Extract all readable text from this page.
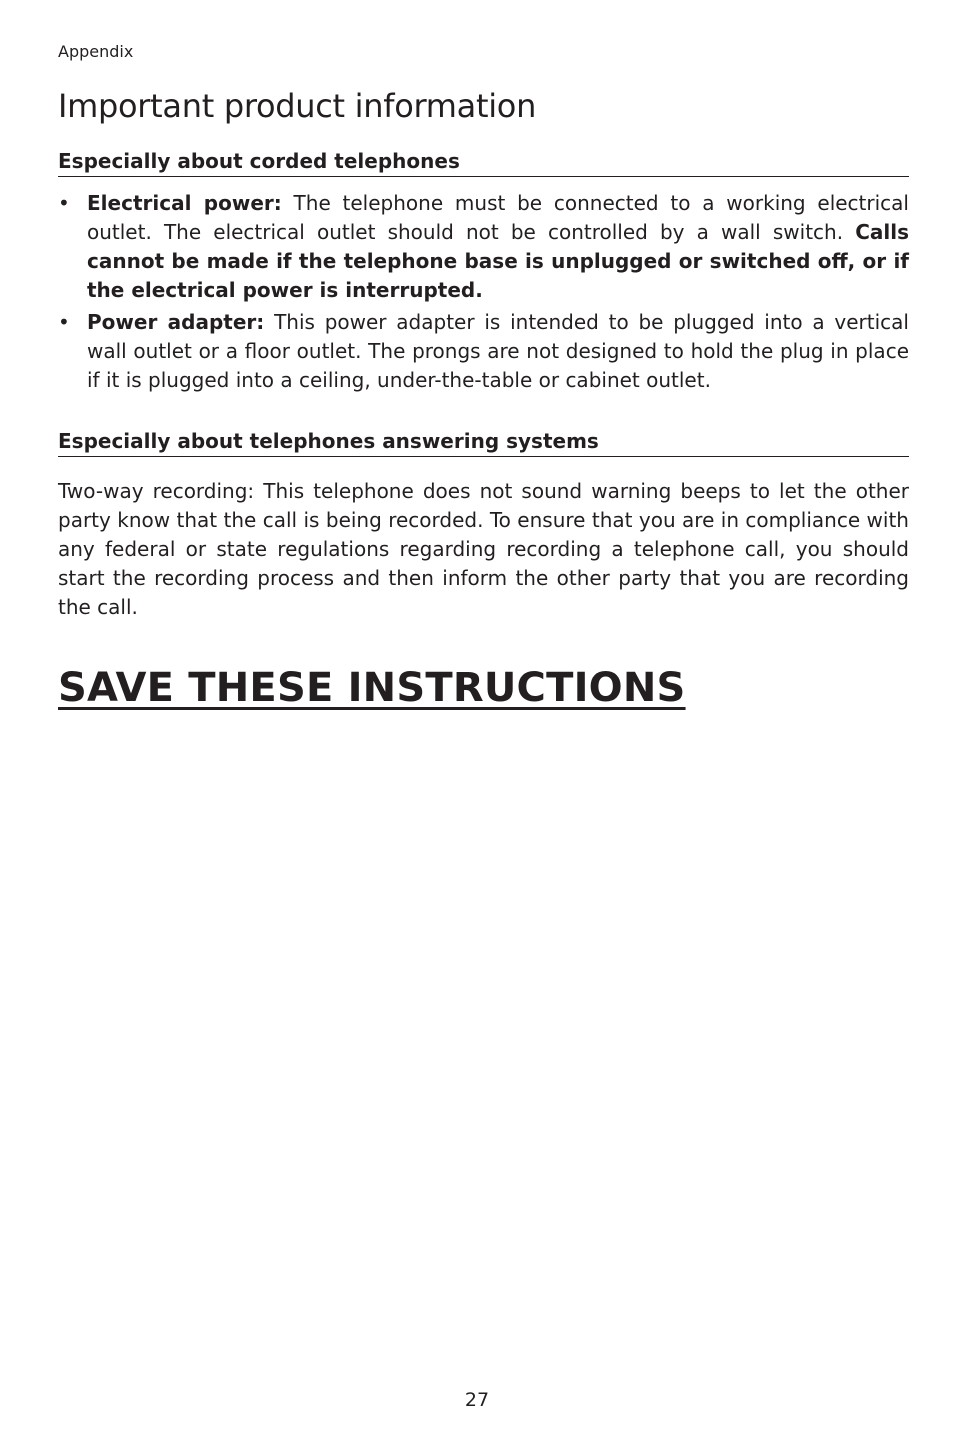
Appendix

Important product information
Especially about corded telephones
• Electrical power: The telephone must be connected to a working electrical outlet. The electrical outlet should not be controlled by a wall switch. Calls cannot be made if the telephone base is unplugged or switched off, or if the electrical power is interrupted.
• Power adapter: This power adapter is intended to be plugged into a vertical wall outlet or a floor outlet. The prongs are not designed to hold the plug in place if it is plugged into a ceiling, under-the-table or cabinet outlet.
Especially about telephones answering systems

Two-way recording: This telephone does not sound warning beeps to let the other party know that the call is being recorded. To ensure that you are in compliance with any federal or state regulations regarding recording a telephone call, you should start the recording process and then inform the other party that you are recording the call.

SAVE THESE INSTRUCTIONS
27
